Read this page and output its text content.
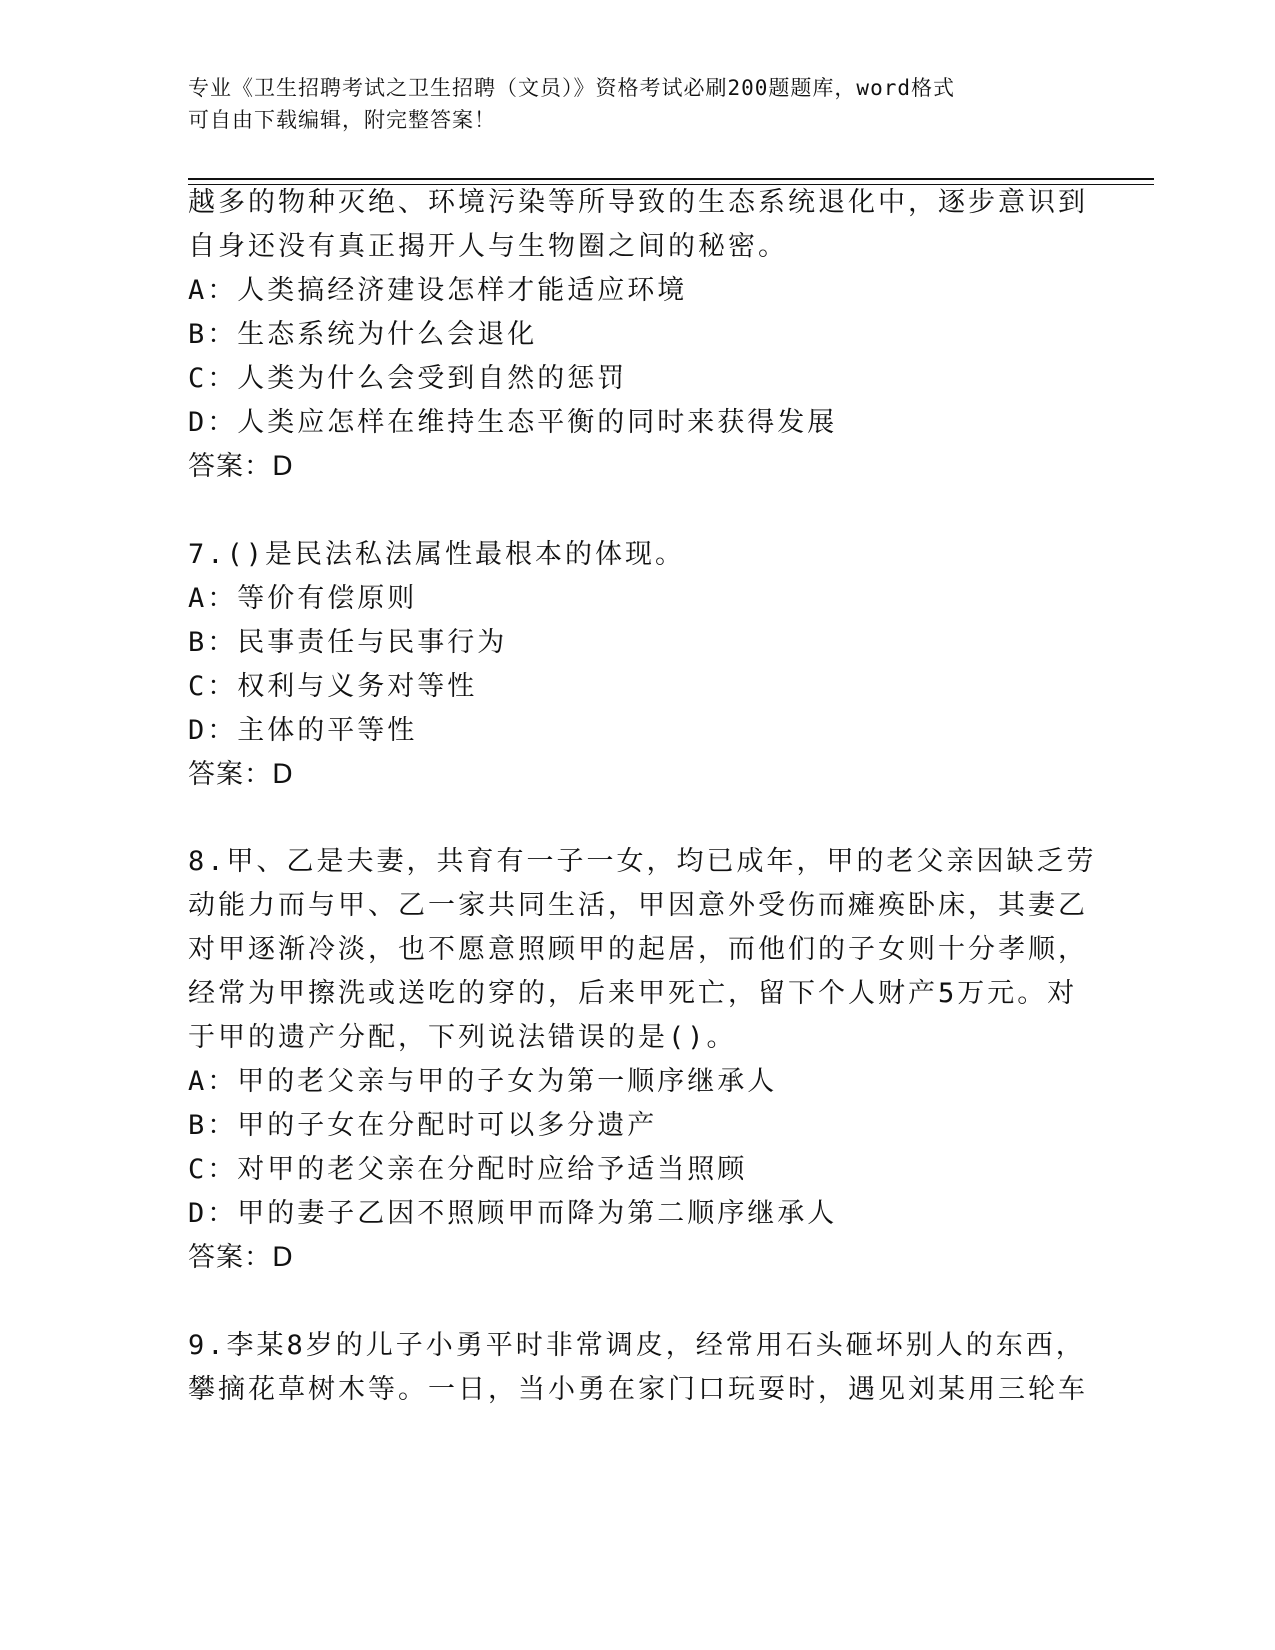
专业《卫生招聘考试之卫生招聘（文员）》资格考试必刷200题题库，word格式
可自由下载编辑，附完整答案！
越多的物种灭绝、环境污染等所导致的生态系统退化中，逐步意识到
自身还没有真正揭开人与生物圈之间的秘密。
A：人类搞经济建设怎样才能适应环境
B：生态系统为什么会退化
C：人类为什么会受到自然的惩罚
D：人类应怎样在维持生态平衡的同时来获得发展
答案：D
7.()是民法私法属性最根本的体现。
A：等价有偿原则
B：民事责任与民事行为
C：权利与义务对等性
D：主体的平等性
答案：D
8.甲、乙是夫妻，共育有一子一女，均已成年，甲的老父亲因缺乏劳
动能力而与甲、乙一家共同生活，甲因意外受伤而瘫痪卧床，其妻乙
对甲逐渐冷淡，也不愿意照顾甲的起居，而他们的子女则十分孝顺，
经常为甲擦洗或送吃的穿的，后来甲死亡，留下个人财产5万元。对
于甲的遗产分配，下列说法错误的是()。
A：甲的老父亲与甲的子女为第一顺序继承人
B：甲的子女在分配时可以多分遗产
C：对甲的老父亲在分配时应给予适当照顾
D：甲的妻子乙因不照顾甲而降为第二顺序继承人
答案：D
9.李某8岁的儿子小勇平时非常调皮，经常用石头砸坏别人的东西，
攀摘花草树木等。一日，当小勇在家门口玩耍时，遇见刘某用三轮车
